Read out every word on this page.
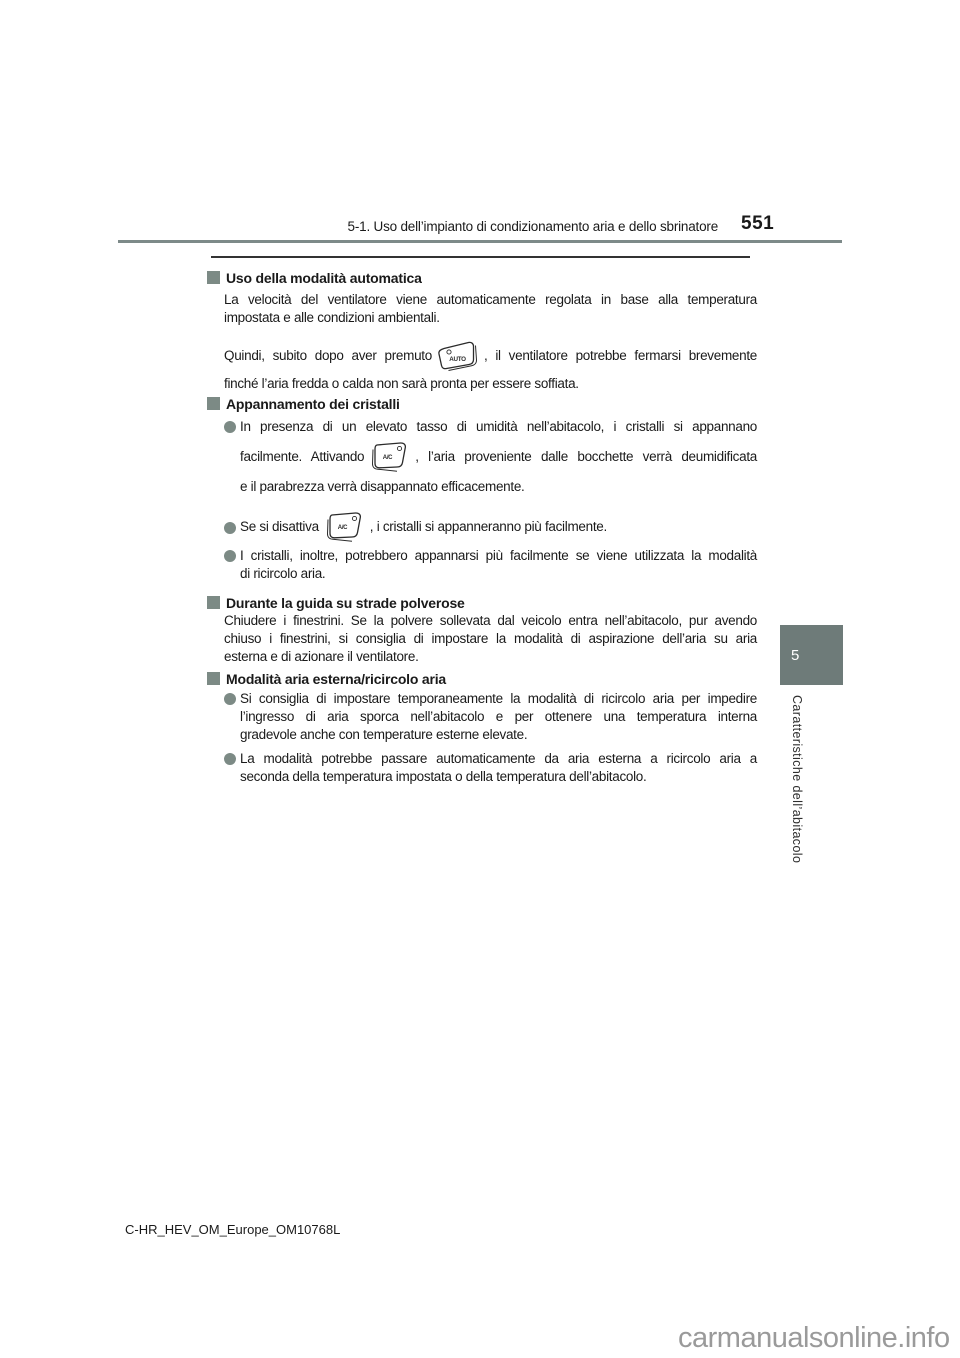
5-1. Uso dell’impianto di condizionamento aria e dello sbrinatore 551
Uso della modalità automatica
La velocità del ventilatore viene automaticamente regolata in base alla temperatura
impostata e alle condizioni ambientali.
Quindi, subito dopo aver premuto	AUTO , il ventilatore potrebbe fermarsi brevemente
finché l’aria fredda o calda non sarà pronta per essere soffiata.
Appannamento dei cristalli
In presenza di un elevato tasso di umidità nell’abitacolo, i cristalli si appannano
facilmente. Attivando	A/C , l’aria proveniente dalle bocchette verrà deumidificata
e il parabrezza verrà disappannato efficacemente.
Se si disattiva	A/C , i cristalli si appanneranno più facilmente.
I cristalli, inoltre, potrebbero appannarsi più facilmente se viene utilizzata la modalità
di ricircolo aria.
Durante la guida su strade polverose
Chiudere i finestrini. Se la polvere sollevata dal veicolo entra nell’abitacolo, pur avendo
chiuso i finestrini, si consiglia di impostare la modalità di aspirazione dell’aria su aria
esterna e di azionare il ventilatore.
Modalità aria esterna/ricircolo aria
Si consiglia di impostare temporaneamente la modalità di ricircolo aria per impedire
l’ingresso di aria sporca nell’abitacolo e per ottenere una temperatura interna
gradevole anche con temperature esterne elevate.
La modalità potrebbe passare automaticamente da aria esterna a ricircolo aria a
seconda della temperatura impostata o della temperatura dell’abitacolo.
5
Caratteristiche dell’abitacolo
C-HR_HEV_OM_Europe_OM10768L
carmanualsonline.info
